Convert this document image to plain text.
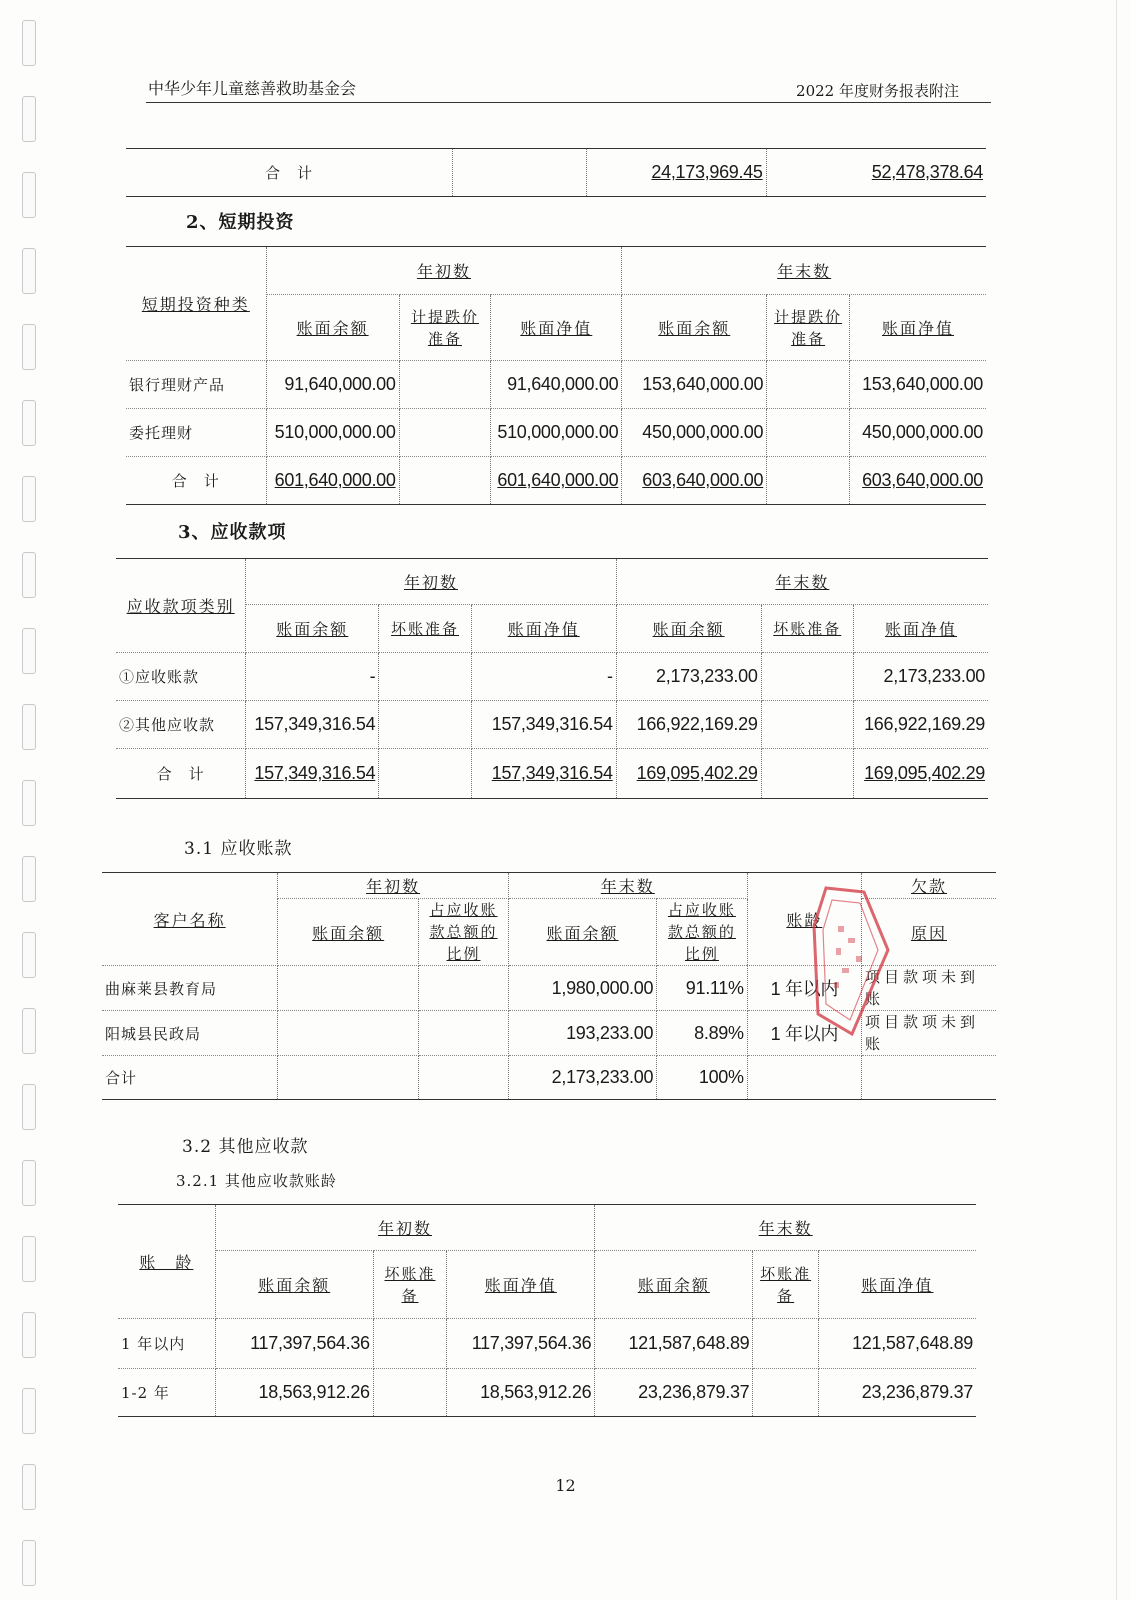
中华少年儿童慈善救助基金会	2022 年度财务报表附注
合　计		24,173,969.45	52,478,378.64
2、短期投资
短期投资种类	年初数			年末数		
	账面余额	计提跌价准备	账面净值	账面余额	计提跌价准备	账面净值
银行理财产品	91,640,000.00		91,640,000.00	153,640,000.00		153,640,000.00
委托理财	510,000,000.00		510,000,000.00	450,000,000.00		450,000,000.00
合　计	601,640,000.00		601,640,000.00	603,640,000.00		603,640,000.00
3、应收款项
应收款项类别	年初数			年末数		
	账面余额	坏账准备	账面净值	账面余额	坏账准备	账面净值
①应收账款	-		-	2,173,233.00		2,173,233.00
②其他应收款	157,349,316.54		157,349,316.54	166,922,169.29		166,922,169.29
合　计	157,349,316.54		157,349,316.54	169,095,402.29		169,095,402.29
3.1 应收账款
客户名称	年初数		年末数		账龄	欠款
	账面余额	占应收账款总额的比例	账面余额	占应收账款总额的比例		原因
曲麻莱县教育局			1,980,000.00	91.11%	1 年以内	项目款项未到账
阳城县民政局			193,233.00	8.89%	1 年以内	项目款项未到账
合计			2,173,233.00	100%		
3.2 其他应收款
3.2.1 其他应收款账龄
账　龄	年初数			年末数		
	账面余额	坏账准备	账面净值	账面余额	坏账准备	账面净值
1 年以内	117,397,564.36		117,397,564.36	121,587,648.89		121,587,648.89
1-2 年	18,563,912.26		18,563,912.26	23,236,879.37		23,236,879.37
12
